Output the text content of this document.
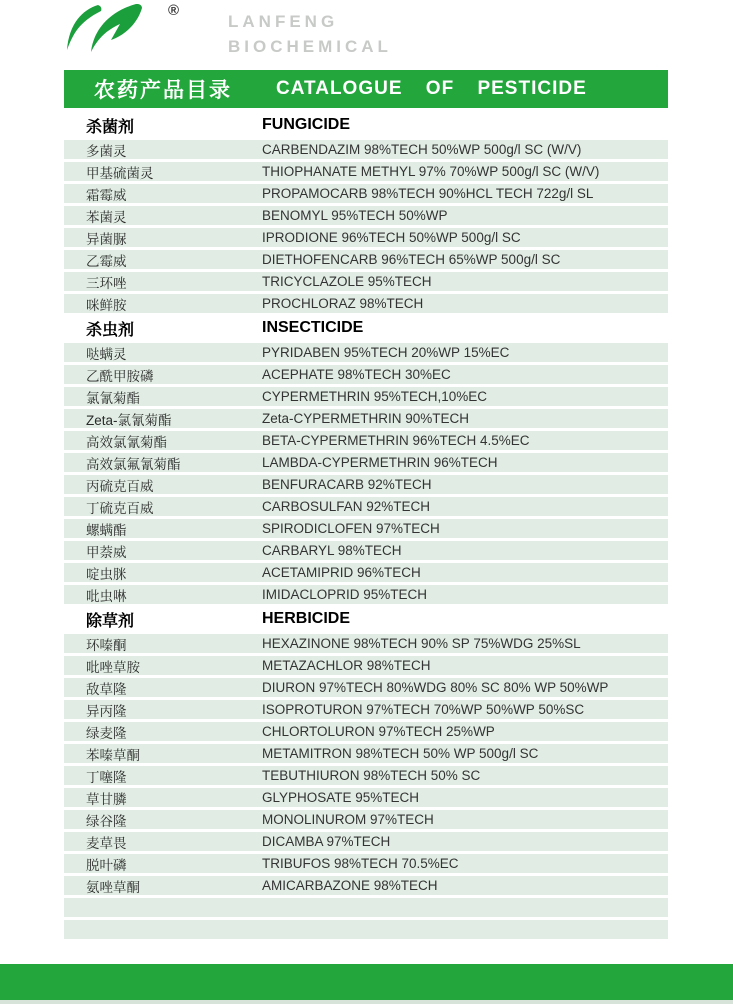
®
LANFENG
BIOCHEMICAL
农药产品目录 CATALOGUE OF PESTICIDE
杀菌剂	FUNGICIDE
多菌灵	CARBENDAZIM 98%TECH 50%WP 500g/l SC (W/V)
甲基硫菌灵	THIOPHANATE METHYL 97% 70%WP 500g/l SC (W/V)
霜霉威	PROPAMOCARB 98%TECH 90%HCL TECH 722g/l SL
苯菌灵	BENOMYL 95%TECH 50%WP
异菌脲	IPRODIONE 96%TECH 50%WP 500g/l SC
乙霉威	DIETHOFENCARB 96%TECH 65%WP 500g/l SC
三环唑	TRICYCLAZOLE 95%TECH
咪鲜胺	PROCHLORAZ 98%TECH
杀虫剂	INSECTICIDE
哒螨灵	PYRIDABEN 95%TECH 20%WP 15%EC
乙酰甲胺磷	ACEPHATE 98%TECH 30%EC
氯氰菊酯	CYPERMETHRIN 95%TECH,10%EC
Zeta-氯氰菊酯	Zeta-CYPERMETHRIN 90%TECH
高效氯氰菊酯	BETA-CYPERMETHRIN 96%TECH 4.5%EC
高效氯氟氰菊酯	LAMBDA-CYPERMETHRIN 96%TECH
丙硫克百威	BENFURACARB 92%TECH
丁硫克百威	CARBOSULFAN 92%TECH
螺螨酯	SPIRODICLOFEN 97%TECH
甲萘威	CARBARYL 98%TECH
啶虫脒	ACETAMIPRID 96%TECH
吡虫啉	IMIDACLOPRID 95%TECH
除草剂	HERBICIDE
环嗪酮	HEXAZINONE 98%TECH 90% SP 75%WDG 25%SL
吡唑草胺	METAZACHLOR 98%TECH
敌草隆	DIURON 97%TECH 80%WDG 80% SC 80% WP 50%WP
异丙隆	ISOPROTURON 97%TECH 70%WP 50%WP 50%SC
绿麦隆	CHLORTOLURON 97%TECH 25%WP
苯嗪草酮	METAMITRON 98%TECH 50% WP 500g/l SC
丁噻隆	TEBUTHIURON 98%TECH 50% SC
草甘膦	GLYPHOSATE 95%TECH
绿谷隆	MONOLINUROM 97%TECH
麦草畏	DICAMBA 97%TECH
脱叶磷	TRIBUFOS 98%TECH 70.5%EC
氨唑草酮	AMICARBAZONE 98%TECH
